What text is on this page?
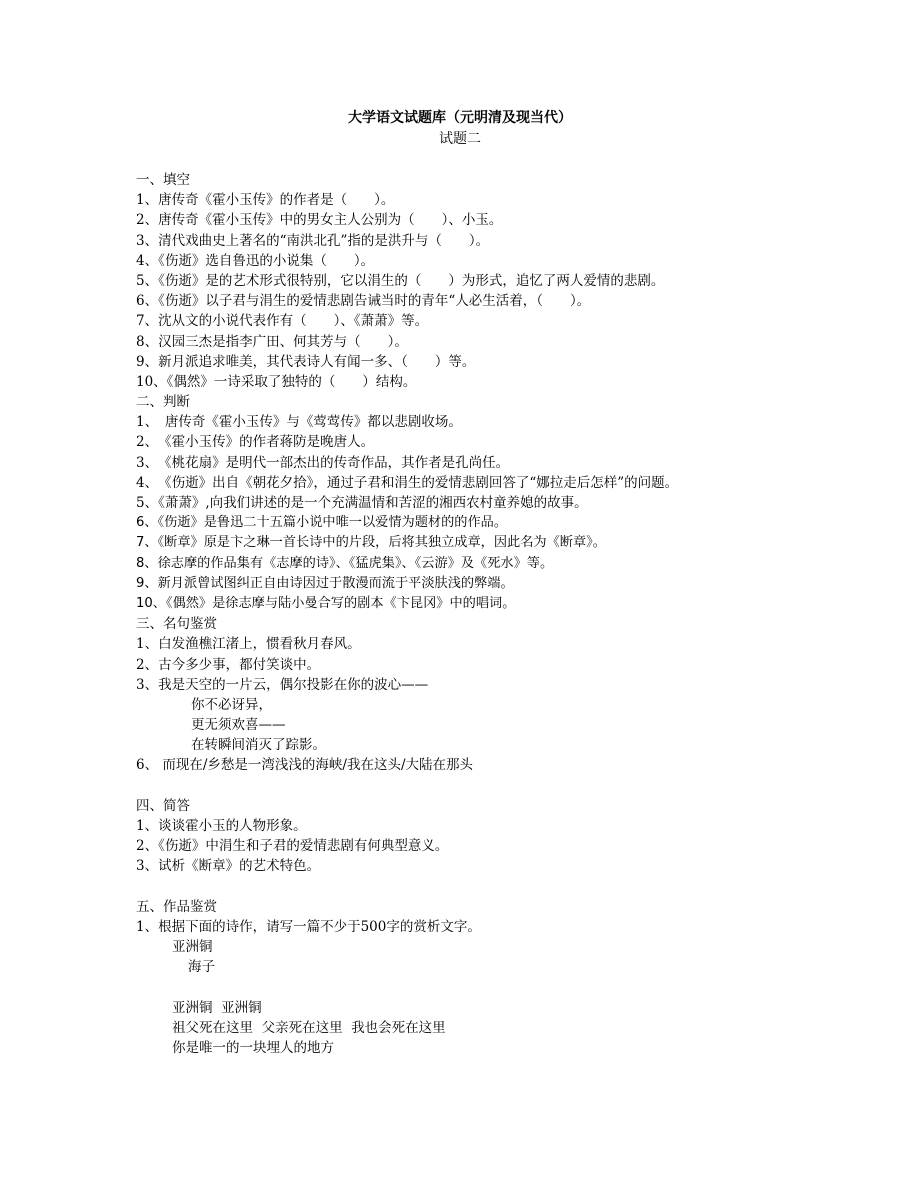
大学语文试题库（元明清及现当代）
试题二
一、填空
1、唐传奇《霍小玉传》的作者是（　　）。
2、唐传奇《霍小玉传》中的男女主人公别为（　　）、小玉。
3、清代戏曲史上著名的“南洪北孔”指的是洪升与（　　）。
4、《伤逝》选自鲁迅的小说集（　　）。
5、《伤逝》是的艺术形式很特别，它以涓生的（　　）为形式，追忆了两人爱情的悲剧。
6、《伤逝》以子君与涓生的爱情悲剧告诫当时的青年“人必生活着，（　　）。
7、沈从文的小说代表作有（　　）、《萧萧》等。
8、汉园三杰是指李广田、何其芳与（　　）。
9、新月派追求唯美，其代表诗人有闻一多、（　　）等。
10、《偶然》一诗采取了独特的（　　）结构。
二、判断
1、　唐传奇《霍小玉传》与《莺莺传》都以悲剧收场。
2、　《霍小玉传》的作者蒋防是晚唐人。
3、　《桃花扇》是明代一部杰出的传奇作品，其作者是孔尚任。
4、　《伤逝》出自《朝花夕拾》，通过子君和涓生的爱情悲剧回答了“娜拉走后怎样”的问题。
5、《萧萧》,向我们讲述的是一个充满温情和苦涩的湘西农村童养媳的故事。
6、《伤逝》是鲁迅二十五篇小说中唯一以爱情为题材的的作品。
7、《断章》原是卞之琳一首长诗中的片段，后将其独立成章，因此名为《断章》。
8、徐志摩的作品集有《志摩的诗》、《猛虎集》、《云游》及《死水》等。
9、新月派曾试图纠正自由诗因过于散漫而流于平淡肤浅的弊端。
10、《偶然》是徐志摩与陆小曼合写的剧本《卞昆冈》中的唱词。
三、名句鉴赏
1、白发渔樵江渚上，惯看秋月春风。
2、古今多少事，都付笑谈中。
3、我是天空的一片云，偶尔投影在你的波心——
你不必讶异，
更无须欢喜——
在转瞬间消灭了踪影。
6、 而现在/乡愁是一湾浅浅的海峡/我在这头/大陆在那头
四、简答
1、谈谈霍小玉的人物形象。
2、《伤逝》中涓生和子君的爱情悲剧有何典型意义。
3、试析《断章》的艺术特色。
五、作品鉴赏
1、根据下面的诗作，请写一篇不少于500字的赏析文字。
亚洲铜
海子
亚洲铜  亚洲铜
祖父死在这里  父亲死在这里  我也会死在这里
你是唯一的一块埋人的地方
